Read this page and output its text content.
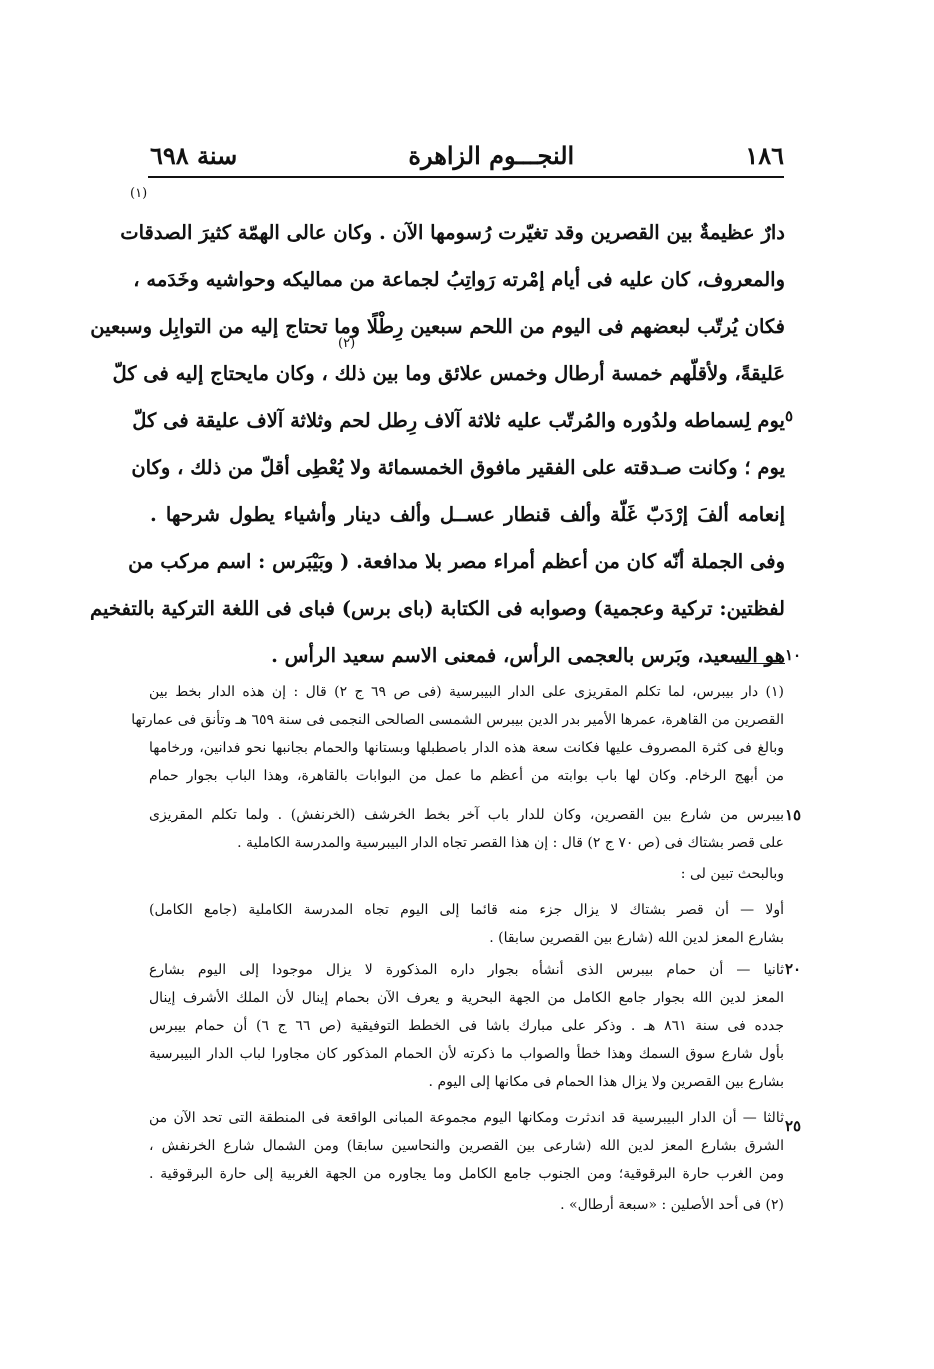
١٨٦
النجـــوم الزاهرة
سنة ٦٩٨
(١)
(٢)
دارٌ عظيمةٌ بين القصرين وقد تغيّرت رُسومها الآن . وكان عالى الهمّة كثيرَ الصدقات
والمعروف، كان عليه فى أيام إمْرته رَواتِبُ لجماعة من مماليكه وحواشيه وخَدَمه ،
فكان يُرتّب لبعضهم فى اليوم من اللحم سبعين رِطْلًا وما تحتاج إليه من التوابِل وسبعين
عَليقةً، ولأقلّهم خمسة أرطال وخمس علائق وما بين ذلك ، وكان مايحتاج إليه فى كلّ
يوم لِسماطه ولدُوره والمُرتّب عليه ثلاثة آلاف رِطل لحم وثلاثة آلاف عليقة فى كلّ
يوم ؛ وكانت صـدقته على الفقير مافوق الخمسمائة ولا يُعْطِى أقلّ من ذلك ، وكان
إنعامه ألفَ إرْدَبّ غَلّة وألف قنطار عســل وألف دينار وأشياء يطول شرحها .
وفى الجملة أنّه كان من أعظم أمراء مصر بلا مدافعة. ( وبَيْبَرس : اسم مركب من
لفظتين: تركية وعجمية) وصوابه فى الكتابة (باى برس) فباى فى اللغة التركية بالتفخيم
هو السعيد، وبَرس بالعجمى الرأس، فمعنى الاسم سعيد الرأس .
٥
١٠
١٥
٢٠
٢٥
(١) دار بيبرس، لما تكلم المقريزى على الدار البيبرسية (فى ص ٦٩ ج ٢) قال : إن هذه الدار بخط بين
القصرين من القاهرة، عمرها الأمير بدر الدين بيبرس الشمسى الصالحى النجمى فى سنة ٦٥٩ هـ وتأنق فى عمارتها
وبالغ فى كثرة المصروف عليها فكانت سعة هذه الدار باصطبلها وبستانها والحمام بجانبها نحو فدانين، ورخامها
من أبهج الرخام. وكان لها باب بوابته من أعظم ما عمل من البوابات بالقاهرة، وهذا الباب بجوار حمام
بيبرس من شارع بين القصرين، وكان للدار باب آخر بخط الخرشف (الخرنفش) . ولما تكلم المقريزى
على قصر بشتاك فى (ص ٧٠ ج ٢) قال : إن هذا القصر تجاه الدار البيبرسية والمدرسة الكاملية .
وبالبحث تبين لى :
أولا — أن قصر بشتاك لا يزال جزء منه قائما إلى اليوم تجاه المدرسة الكاملية (جامع الكامل)
بشارع المعز لدين الله (شارع بين القصرين سابقا) .
ثانيا — أن حمام بيبرس الذى أنشأه بجوار داره المذكورة لا يزال موجودا إلى اليوم بشارع
المعز لدين الله بجوار جامع الكامل من الجهة البحرية و يعرف الآن بحمام إينال لأن الملك الأشرف إينال
جدده فى سنة ٨٦١ هـ . وذكر على مبارك باشا فى الخطط التوفيقية (ص ٦٦ ج ٦) أن حمام بيبرس
بأول شارع سوق السمك وهذا خطأ والصواب ما ذكرته لأن الحمام المذكور كان مجاورا لباب الدار البيبرسية
بشارع بين القصرين ولا يزال هذا الحمام فى مكانها إلى اليوم .
ثالثا — أن الدار البيبرسية قد اندثرت ومكانها اليوم مجموعة المبانى الواقعة فى المنطقة التى تحد الآن من
الشرق بشارع المعز لدين الله (شارعى بين القصرين والنحاسين سابقا) ومن الشمال شارع الخرنفش ،
ومن الغرب حارة البرقوقية؛ ومن الجنوب جامع الكامل وما يجاوره من الجهة الغربية إلى حارة البرقوقية .
(٢) فى أحد الأصلين : «سبعة أرطال» .
